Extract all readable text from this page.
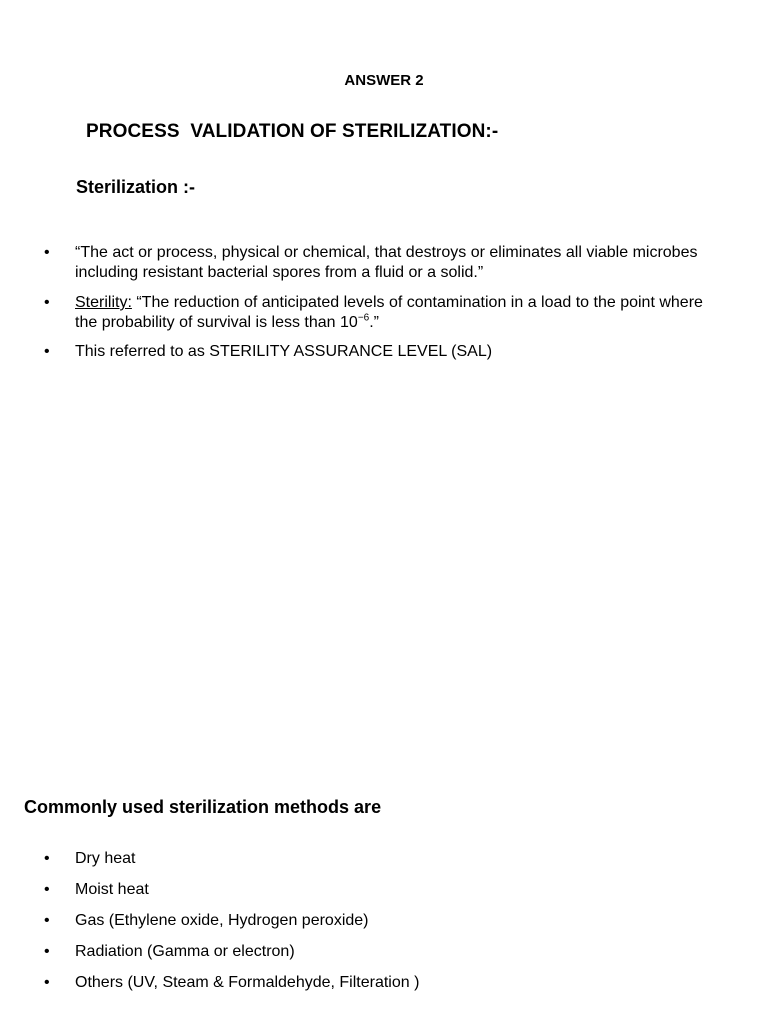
ANSWER 2
PROCESS  VALIDATION OF STERILIZATION:-
Sterilization :-
• “The act or process, physical or chemical, that destroys or eliminates all viable microbes including resistant bacterial spores from a fluid or a solid.”
• Sterility: “The reduction of anticipated levels of contamination in a load to the point where the probability of survival is less than $10^{-6}$.”
• This referred to as STERILITY ASSURANCE LEVEL (SAL)
Commonly used sterilization methods are
• Dry heat
• Moist heat
• Gas (Ethylene oxide, Hydrogen peroxide)
• Radiation (Gamma or electron)
• Others (UV, Steam & Formaldehyde, Filteration )
